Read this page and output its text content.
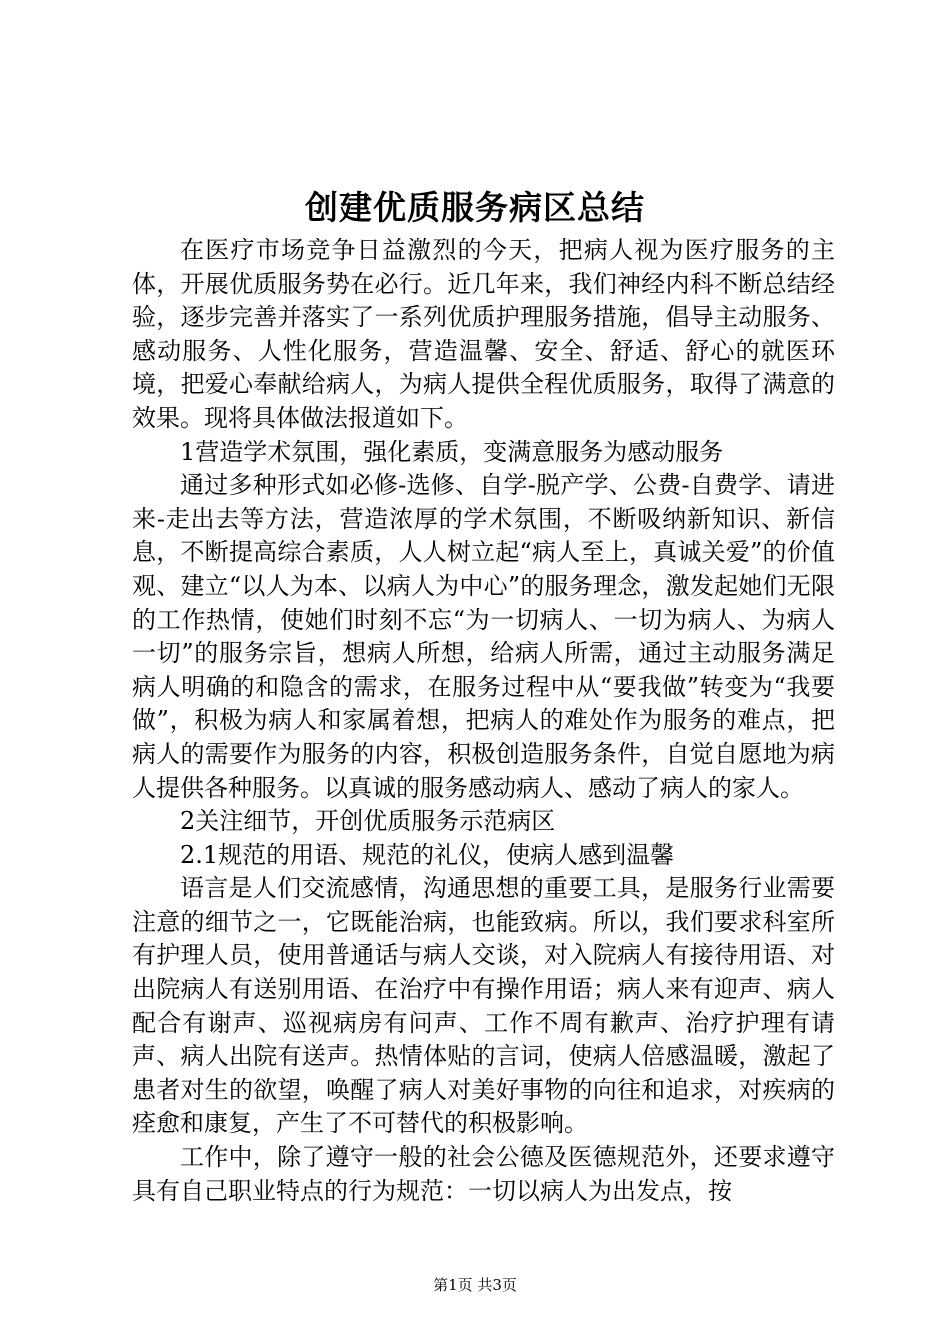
创建优质服务病区总结

在医疗市场竞争日益激烈的今天，把病人视为医疗服务的主体，开展优质服务势在必行。近几年来，我们神经内科不断总结经验，逐步完善并落实了一系列优质护理服务措施，倡导主动服务、感动服务、人性化服务，营造温馨、安全、舒适、舒心的就医环境，把爱心奉献给病人，为病人提供全程优质服务，取得了满意的效果。现将具体做法报道如下。

1营造学术氛围，强化素质，变满意服务为感动服务

通过多种形式如必修-选修、自学-脱产学、公费-自费学、请进来-走出去等方法，营造浓厚的学术氛围，不断吸纳新知识、新信息，不断提高综合素质，人人树立起“病人至上，真诚关爱”的价值观、建立“以人为本、以病人为中心”的服务理念，激发起她们无限的工作热情，使她们时刻不忘“为一切病人、一切为病人、为病人一切”的服务宗旨，想病人所想，给病人所需，通过主动服务满足病人明确的和隐含的需求，在服务过程中从“要我做”转变为“我要做”，积极为病人和家属着想，把病人的难处作为服务的难点，把病人的需要作为服务的内容，积极创造服务条件，自觉自愿地为病人提供各种服务。以真诚的服务感动病人、感动了病人的家人。

2关注细节，开创优质服务示范病区

2.1规范的用语、规范的礼仪，使病人感到温馨

语言是人们交流感情，沟通思想的重要工具，是服务行业需要注意的细节之一，它既能治病，也能致病。所以，我们要求科室所有护理人员，使用普通话与病人交谈，对入院病人有接待用语、对出院病人有送别用语、在治疗中有操作用语；病人来有迎声、病人配合有谢声、巡视病房有问声、工作不周有歉声、治疗护理有请声、病人出院有送声。热情体贴的言词，使病人倍感温暖，激起了患者对生的欲望，唤醒了病人对美好事物的向往和追求，对疾病的痊愈和康复，产生了不可替代的积极影响。

工作中，除了遵守一般的社会公德及医德规范外，还要求遵守具有自己职业特点的行为规范：一切以病人为出发点，按

第1页 共3页
